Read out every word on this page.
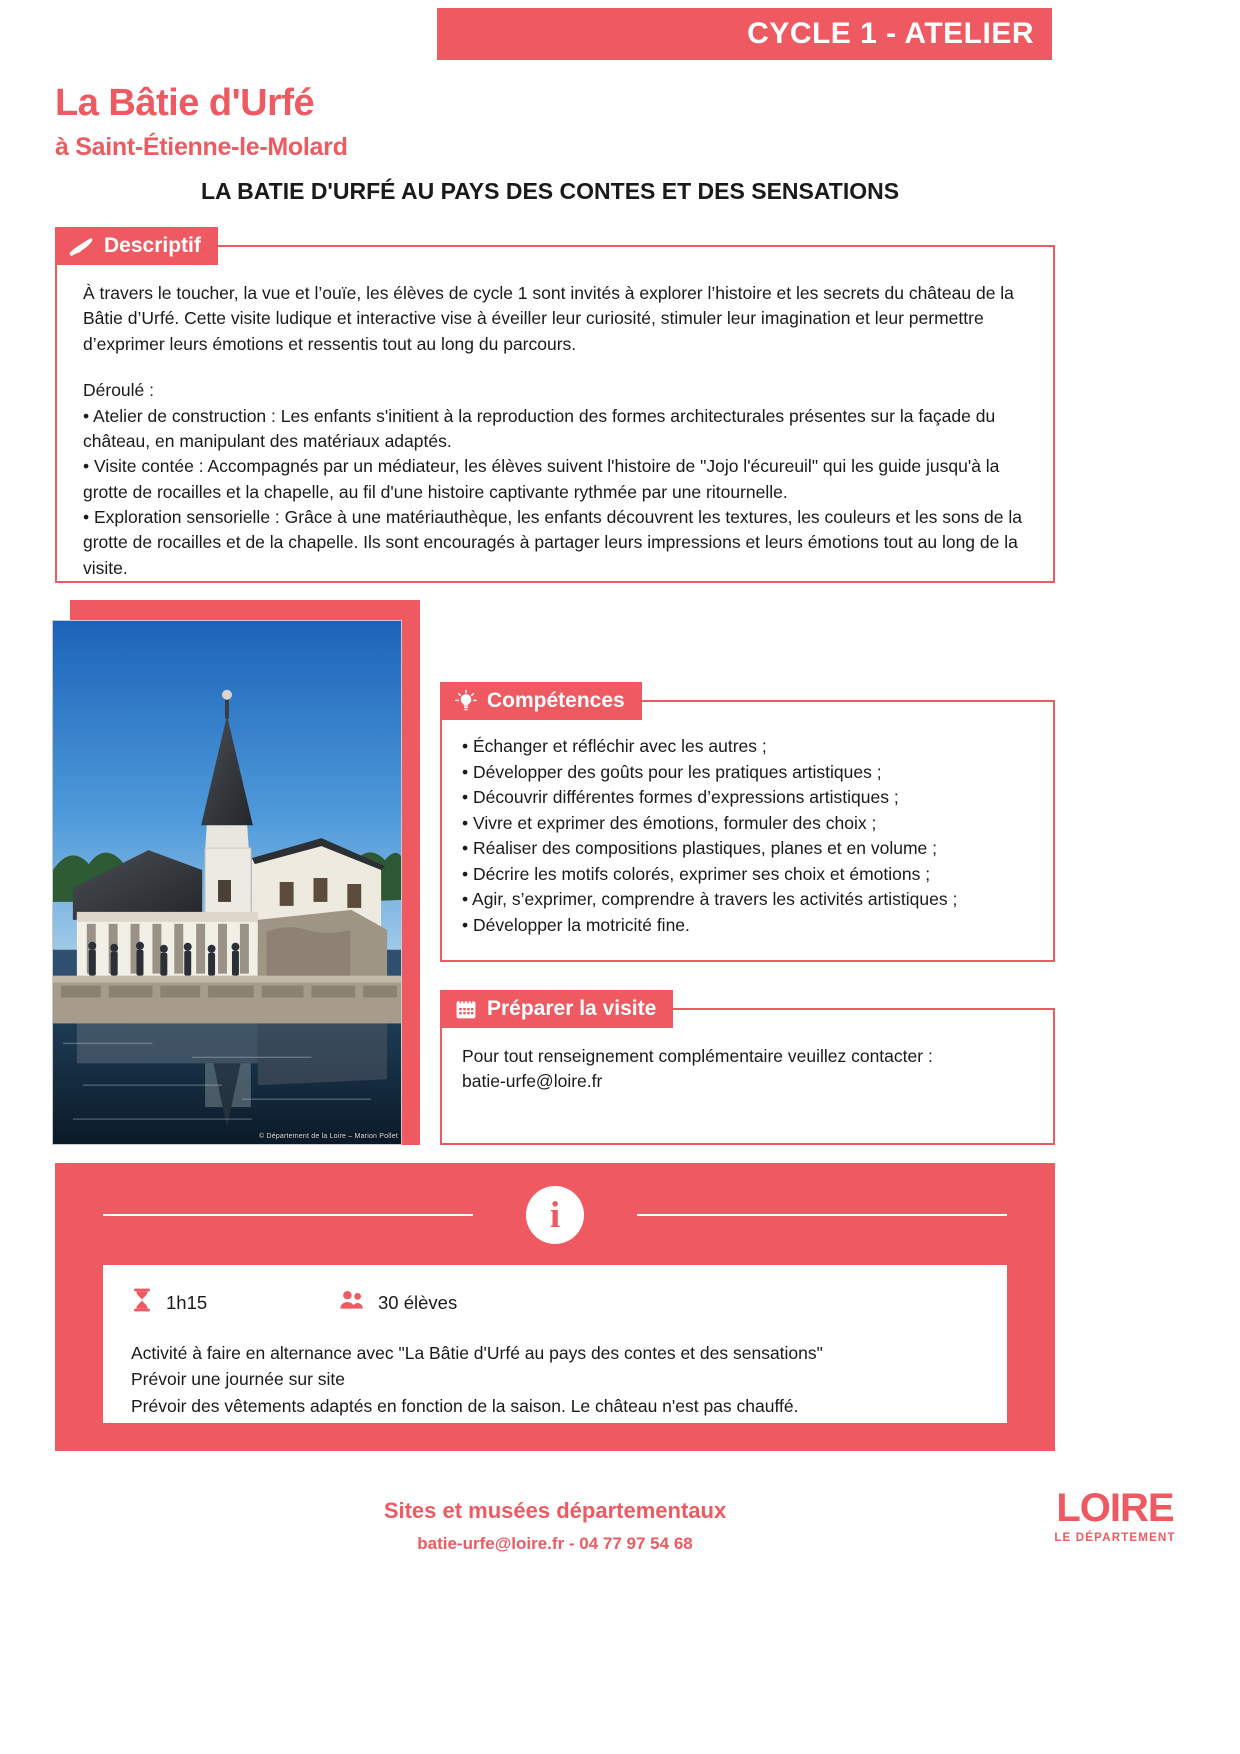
CYCLE 1 - ATELIER
La Bâtie d'Urfé
à Saint-Étienne-le-Molard
LA BATIE D'URFÉ AU PAYS DES CONTES ET DES SENSATIONS
Descriptif
À travers le toucher, la vue et l’ouïe, les élèves de cycle 1 sont invités à explorer l’histoire et les secrets du château de la Bâtie d’Urfé. Cette visite ludique et interactive vise à éveiller leur curiosité, stimuler leur imagination et leur permettre d’exprimer leurs émotions et ressentis tout au long du parcours.
Déroulé :
• Atelier de construction : Les enfants s'initient à la reproduction des formes architecturales présentes sur la façade du château, en manipulant des matériaux adaptés.
• Visite contée : Accompagnés par un médiateur, les élèves suivent l'histoire de "Jojo l'écureuil" qui les guide jusqu'à la grotte de rocailles et la chapelle, au fil d'une histoire captivante rythmée par une ritournelle.
• Exploration sensorielle : Grâce à une matériauthèque, les enfants découvrent les textures, les couleurs et les sons de la grotte de rocailles et de la chapelle. Ils sont encouragés à partager leurs impressions et leurs émotions tout au long de la visite.
© Département de la Loire – Marion Pollet
Compétences
• Échanger et réfléchir avec les autres ;
• Développer des goûts pour les pratiques artistiques ;
• Découvrir différentes formes d’expressions artistiques ;
• Vivre et exprimer des émotions, formuler des choix ;
• Réaliser des compositions plastiques, planes et en volume ;
• Décrire les motifs colorés, exprimer ses choix et émotions ;
• Agir, s’exprimer, comprendre à travers les activités artistiques ;
• Développer la motricité fine.
Préparer la visite
Pour tout renseignement complémentaire veuillez contacter :
batie-urfe@loire.fr
i
1h15	30 élèves
Activité à faire en alternance avec "La Bâtie d'Urfé au pays des contes et des sensations"
Prévoir une journée sur site
Prévoir des vêtements adaptés en fonction de la saison. Le château n'est pas chauffé.
Sites et musées départementaux
batie-urfe@loire.fr - 04 77 97 54 68
LOIRE
LE DÉPARTEMENT
